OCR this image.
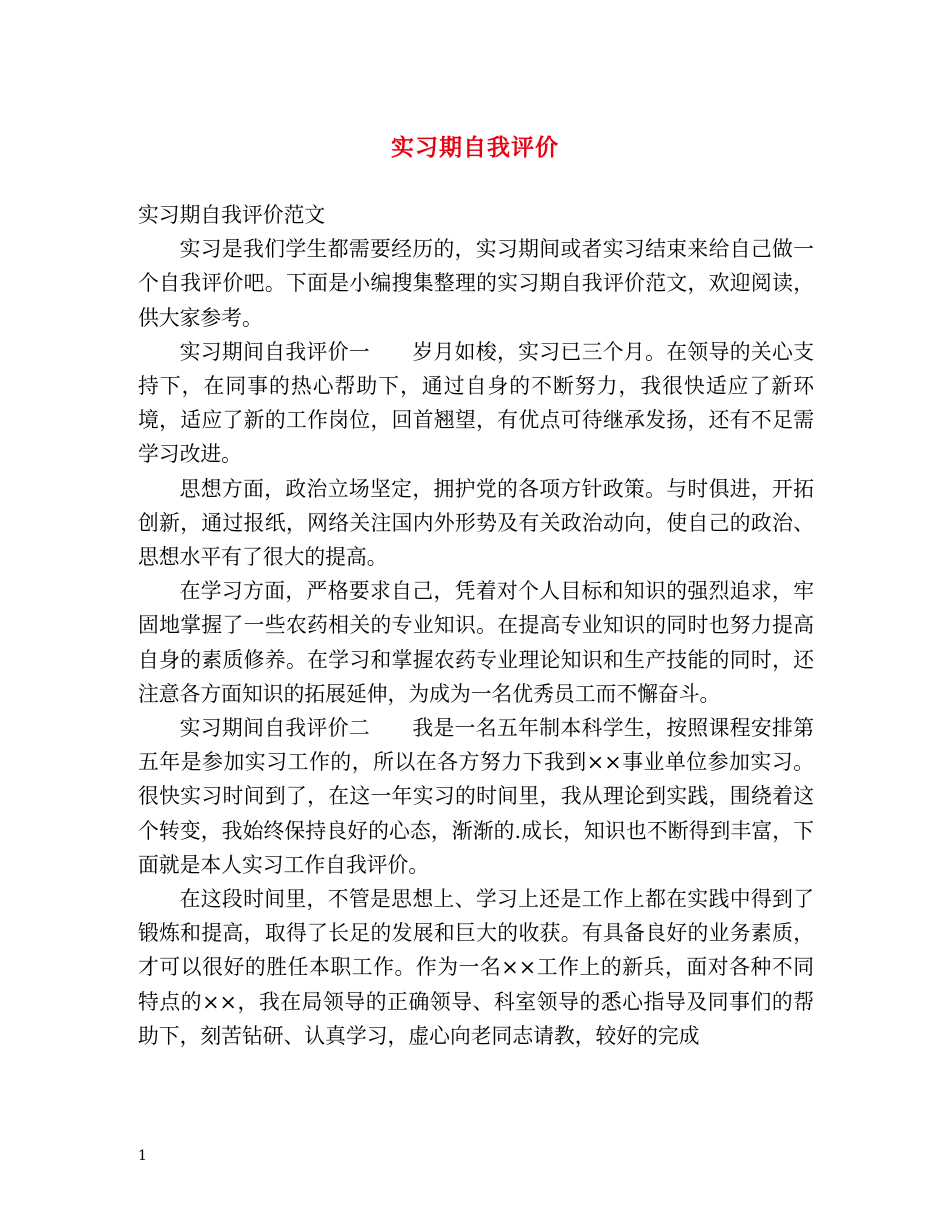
实习期自我评价

实习期自我评价范文

实习是我们学生都需要经历的，实习期间或者实习结束来给自己做一个自我评价吧。下面是小编搜集整理的实习期自我评价范文，欢迎阅读，供大家参考。

实习期间自我评价一　　岁月如梭，实习已三个月。在领导的关心支持下，在同事的热心帮助下，通过自身的不断努力，我很快适应了新环境，适应了新的工作岗位，回首翘望，有优点可待继承发扬，还有不足需学习改进。

思想方面，政治立场坚定，拥护党的各项方针政策。与时俱进，开拓创新，通过报纸，网络关注国内外形势及有关政治动向，使自己的政治、思想水平有了很大的提高。

在学习方面，严格要求自己，凭着对个人目标和知识的强烈追求，牢固地掌握了一些农药相关的专业知识。在提高专业知识的同时也努力提高自身的素质修养。在学习和掌握农药专业理论知识和生产技能的同时，还注意各方面知识的拓展延伸，为成为一名优秀员工而不懈奋斗。

实习期间自我评价二　　我是一名五年制本科学生，按照课程安排第五年是参加实习工作的，所以在各方努力下我到××事业单位参加实习。很快实习时间到了，在这一年实习的时间里，我从理论到实践，围绕着这个转变，我始终保持良好的心态，渐渐的.成长，知识也不断得到丰富，下面就是本人实习工作自我评价。

在这段时间里，不管是思想上、学习上还是工作上都在实践中得到了锻炼和提高，取得了长足的发展和巨大的收获。有具备良好的业务素质，才可以很好的胜任本职工作。作为一名××工作上的新兵，面对各种不同特点的××，我在局领导的正确领导、科室领导的悉心指导及同事们的帮助下，刻苦钻研、认真学习，虚心向老同志请教，较好的完成

1
